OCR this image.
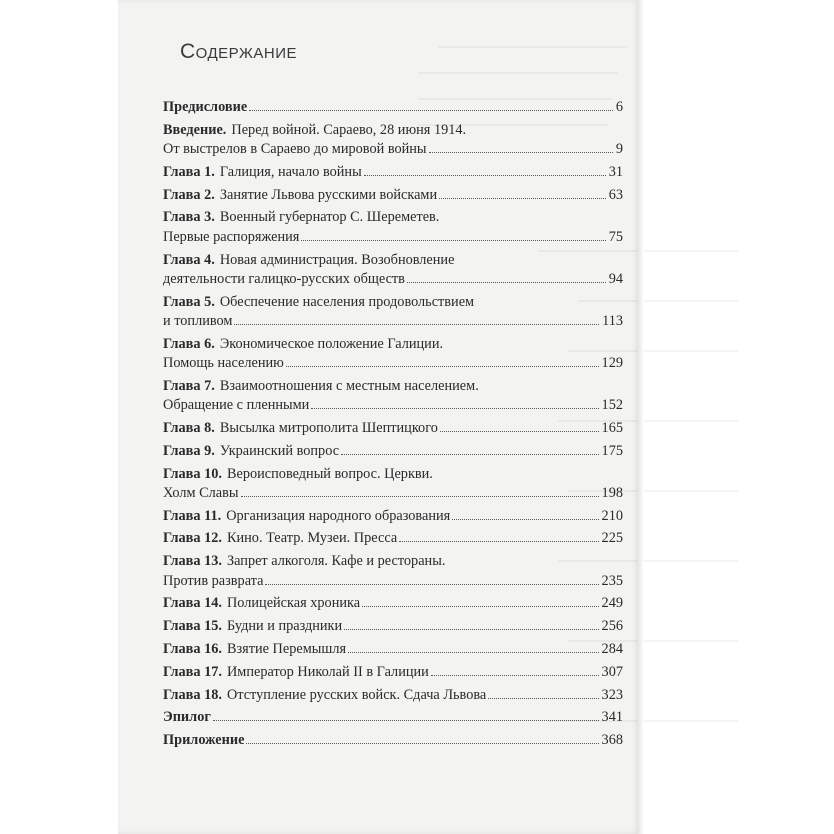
Содержание
Предисловие	6
Введение. Перед войной. Сараево, 28 июня 1914.
От выстрелов в Сараево до мировой войны	9
Глава 1. Галиция, начало войны	31
Глава 2. Занятие Львова русскими войсками	63
Глава 3. Военный губернатор С. Шереметев.
Первые распоряжения	75
Глава 4. Новая администрация. Возобновление
деятельности галицко-русских обществ	94
Глава 5. Обеспечение населения продовольствием
и топливом	113
Глава 6. Экономическое положение Галиции.
Помощь населению	129
Глава 7. Взаимоотношения с местным населением.
Обращение с пленными	152
Глава 8. Высылка митрополита Шептицкого	165
Глава 9. Украинский вопрос	175
Глава 10. Вероисповедный вопрос. Церкви.
Холм Славы	198
Глава 11. Организация народного образования	210
Глава 12. Кино. Театр. Музеи. Пресса	225
Глава 13. Запрет алкоголя. Кафе и рестораны.
Против разврата	235
Глава 14. Полицейская хроника	249
Глава 15. Будни и праздники	256
Глава 16. Взятие Перемышля	284
Глава 17. Император Николай II в Галиции	307
Глава 18. Отступление русских войск. Сдача Львова	323
Эпилог	341
Приложение	368
